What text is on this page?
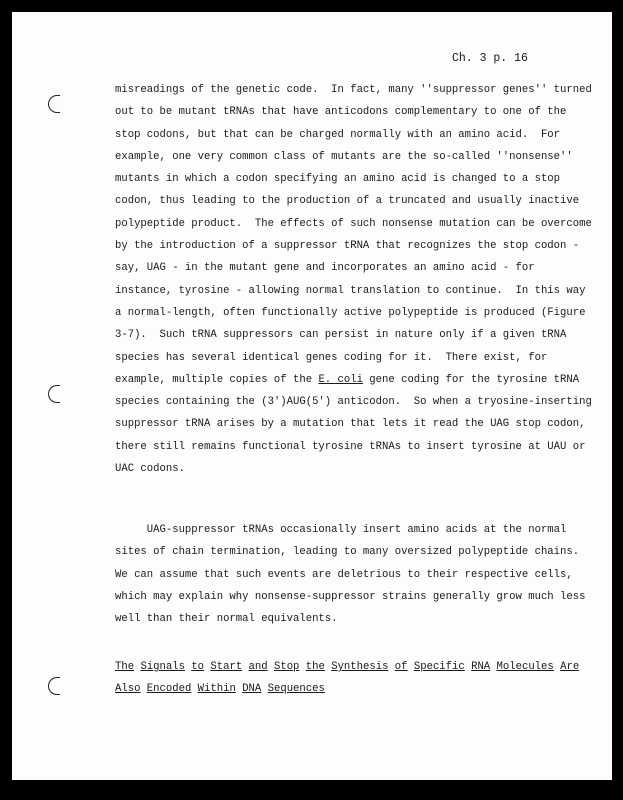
Ch. 3 p. 16
misreadings of the genetic code.  In fact, many ''suppressor genes'' turned
out to be mutant tRNAs that have anticodons complementary to one of the
stop codons, but that can be charged normally with an amino acid.  For
example, one very common class of mutants are the so-called ''nonsense''
mutants in which a codon specifying an amino acid is changed to a stop
codon, thus leading to the production of a truncated and usually inactive
polypeptide product.  The effects of such nonsense mutation can be overcome
by the introduction of a suppressor tRNA that recognizes the stop codon -
say, UAG - in the mutant gene and incorporates an amino acid - for
instance, tyrosine - allowing normal translation to continue.  In this way
a normal-length, often functionally active polypeptide is produced (Figure
3-7).  Such tRNA suppressors can persist in nature only if a given tRNA
species has several identical genes coding for it.  There exist, for
example, multiple copies of the E. coli gene coding for the tyrosine tRNA
species containing the (3')AUG(5') anticodon.  So when a tryosine-inserting
suppressor tRNA arises by a mutation that lets it read the UAG stop codon,
there still remains functional tyrosine tRNAs to insert tyrosine at UAU or
UAC codons.
UAG-suppressor tRNAs occasionally insert amino acids at the normal
sites of chain termination, leading to many oversized polypeptide chains.
We can assume that such events are deletrious to their respective cells,
which may explain why nonsense-suppressor strains generally grow much less
well than their normal equivalents.
The Signals to Start and Stop the Synthesis of Specific RNA Molecules Are
Also Encoded Within DNA Sequences
